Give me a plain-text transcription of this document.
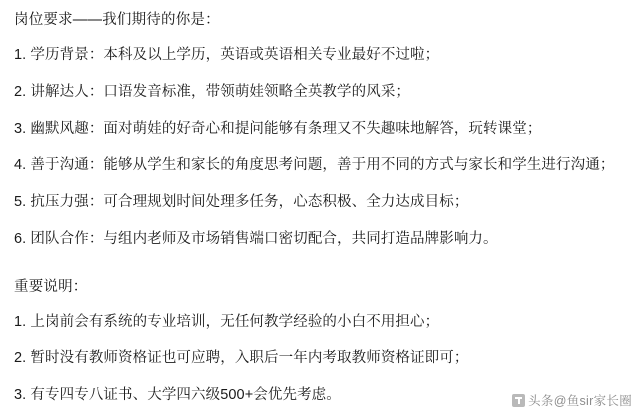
岗位要求——我们期待的你是：
1. 学历背景：本科及以上学历，英语或英语相关专业最好不过啦；
2. 讲解达人：口语发音标准，带领萌娃领略全英教学的风采；
3. 幽默风趣：面对萌娃的好奇心和提问能够有条理又不失趣味地解答，玩转课堂；
4. 善于沟通：能够从学生和家长的角度思考问题，善于用不同的方式与家长和学生进行沟通；
5. 抗压力强：可合理规划时间处理多任务，心态积极、全力达成目标；
6. 团队合作：与组内老师及市场销售端口密切配合，共同打造品牌影响力。
重要说明：
1. 上岗前会有系统的专业培训，无任何教学经验的小白不用担心；
2. 暂时没有教师资格证也可应聘，入职后一年内考取教师资格证即可；
3. 有专四专八证书、大学四六级500+会优先考虑。	头条@鱼sir家长圈
